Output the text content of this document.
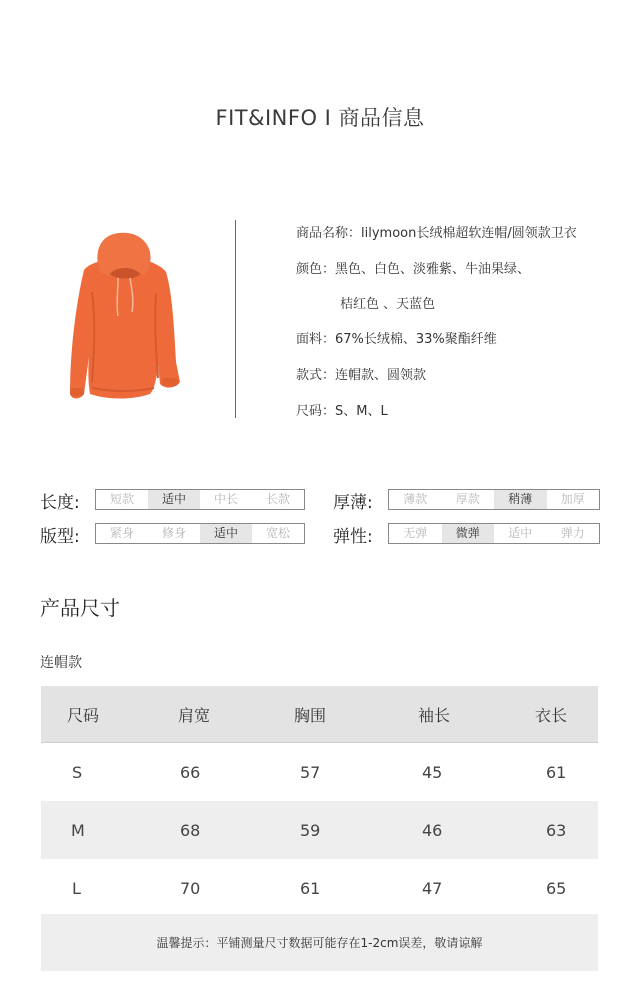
FIT&INFO I 商品信息
商品名称：lilymoon长绒棉超软连帽/圆领款卫衣
颜色：黑色、白色、淡雅紫、牛油果绿、
桔红色 、天蓝色
面料：67%长绒棉、33%聚酯纤维
款式：连帽款、圆领款
尺码：S、M、L
长度:	短款	适中	中长	长款	厚薄:	薄款	厚款	稍薄	加厚
版型:	紧身	修身	适中	宽松	弹性:	无弹	微弹	适中	弹力
产品尺寸
连帽款
尺码	肩宽	胸围	袖长	衣长
S	66	57	45	61
M	68	59	46	63
L	70	61	47	65
温馨提示：平铺测量尺寸数据可能存在1-2cm误差，敬请谅解
